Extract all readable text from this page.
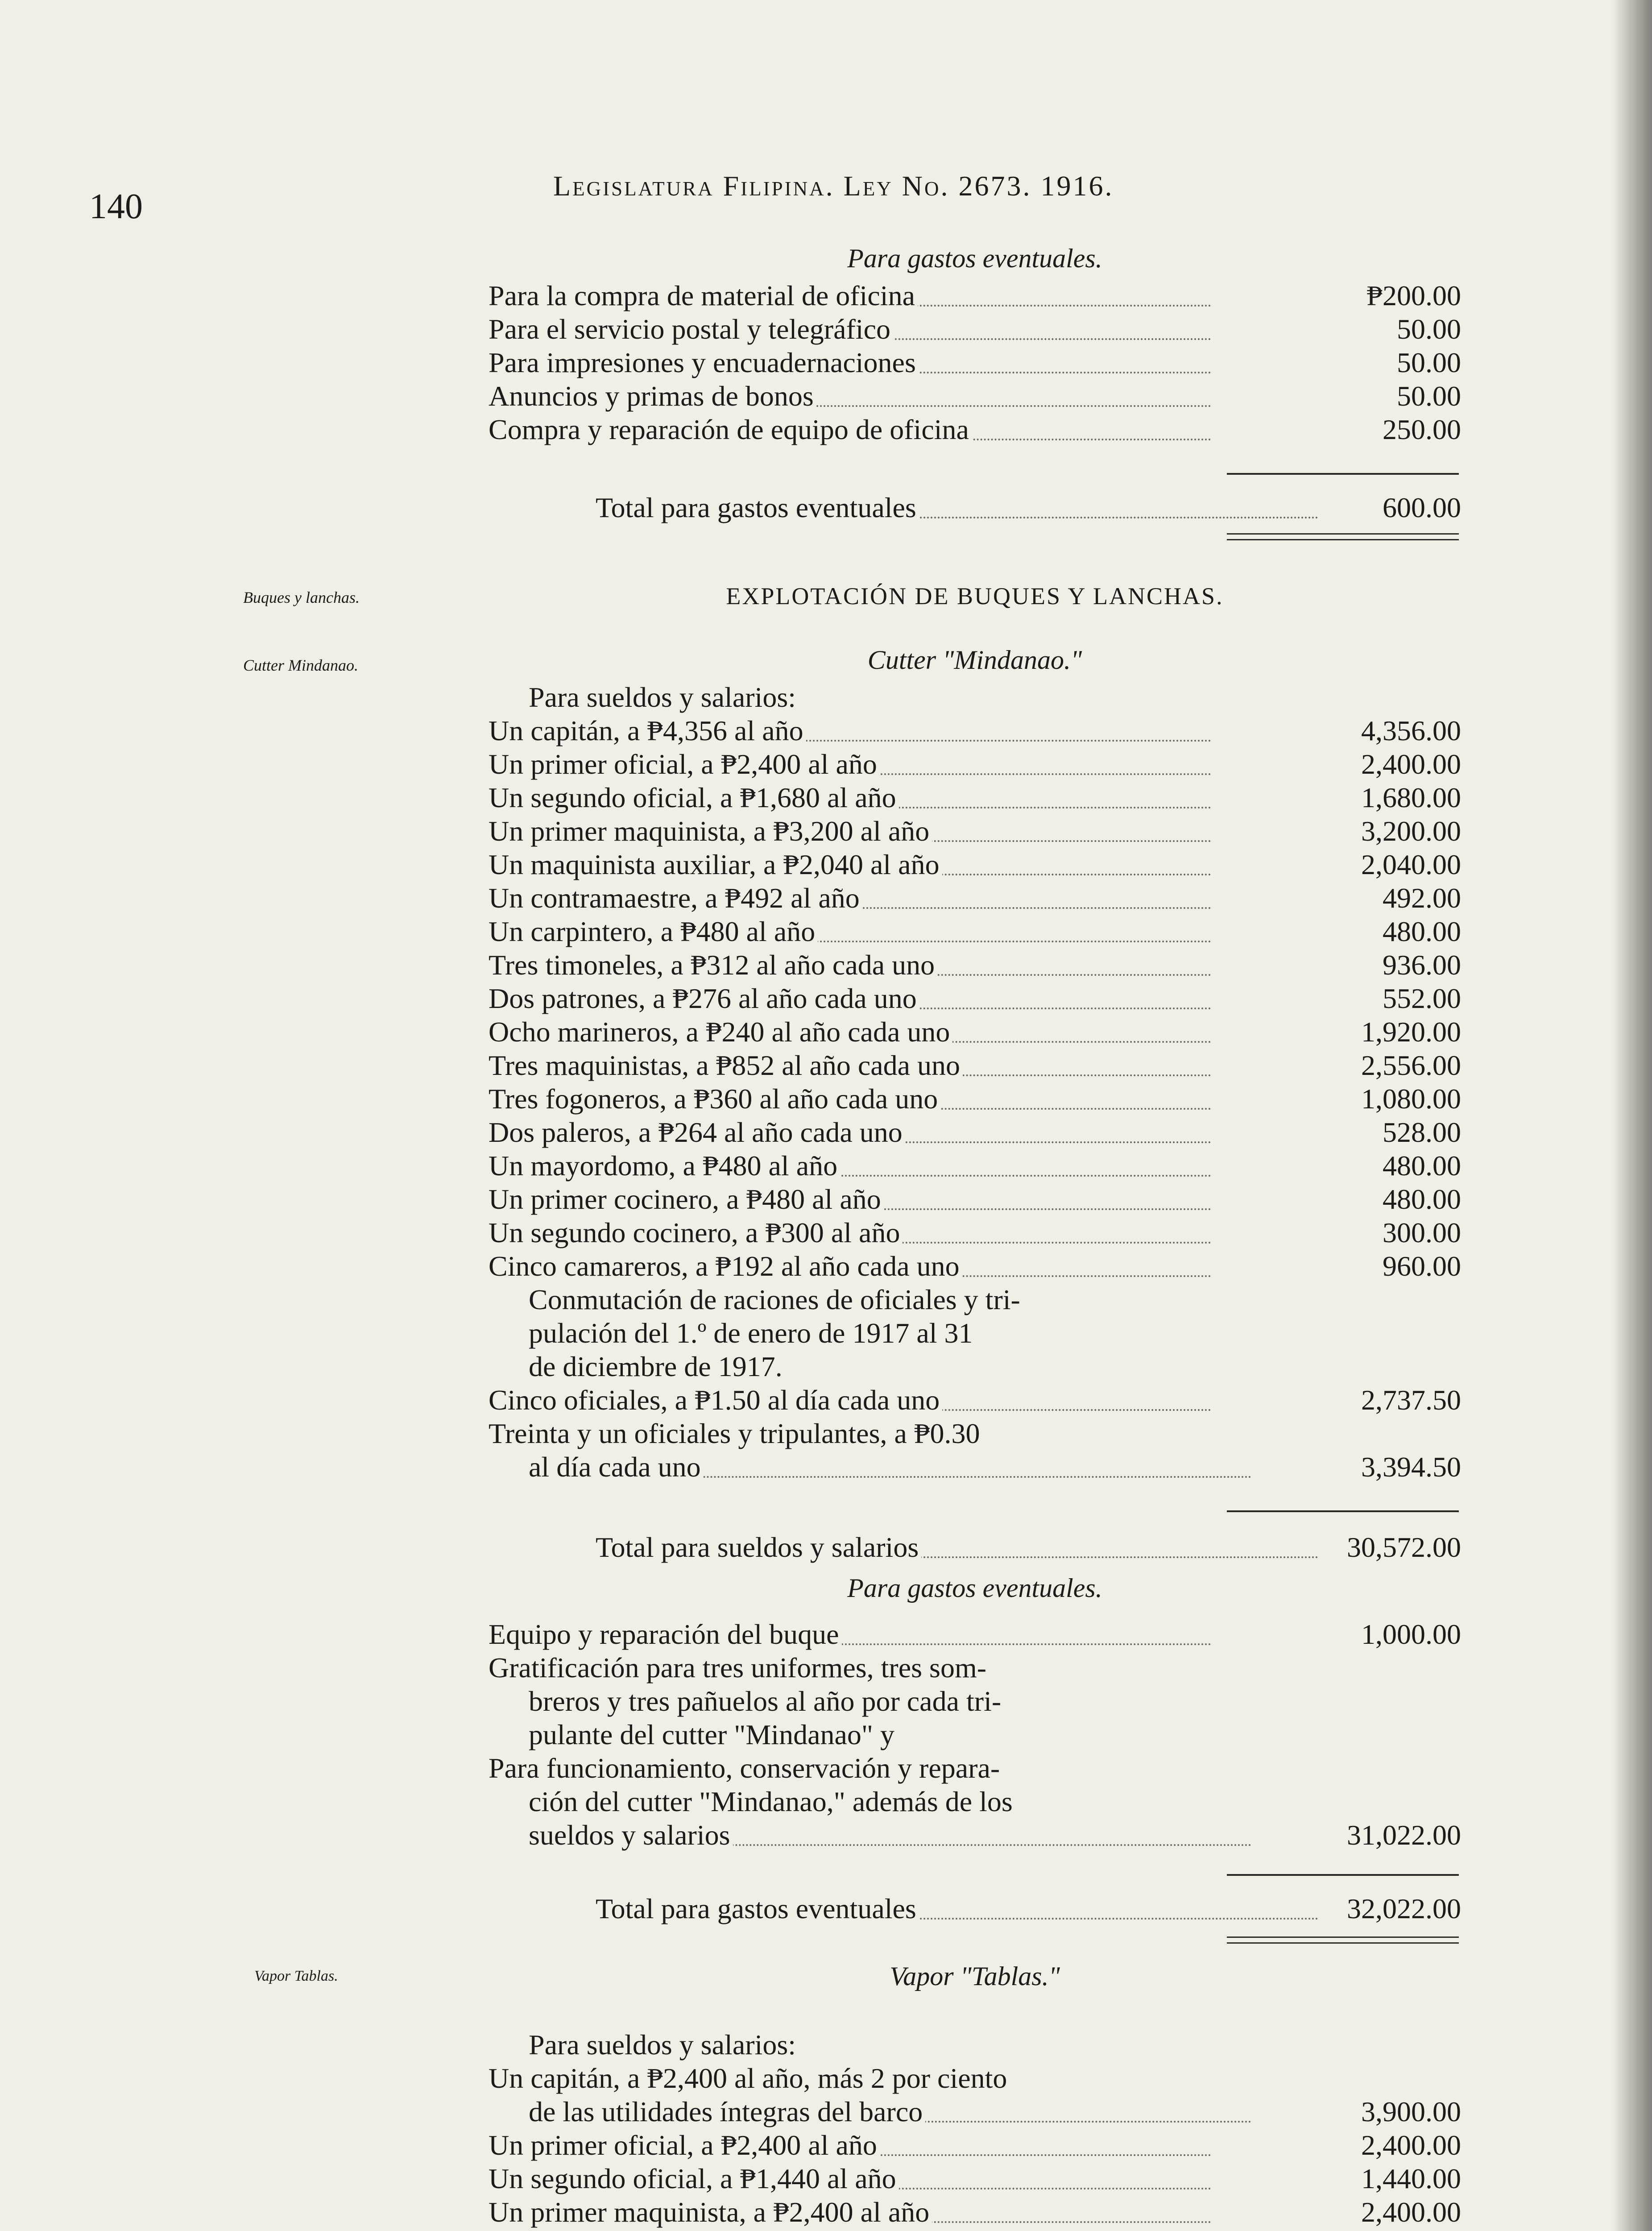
140
Legislatura Filipina. Ley No. 2673. 1916.
Para gastos eventuales.
Para la compra de material de oficina	₱200.00
Para el servicio postal y telegráfico	50.00
Para impresiones y encuadernaciones	50.00
Anuncios y primas de bonos	50.00
Compra y reparación de equipo de oficina	250.00
Total para gastos eventuales	600.00
Buques y lanchas.	EXPLOTACIÓN DE BUQUES Y LANCHAS.
Cutter Mindanao.	Cutter "Mindanao."
Para sueldos y salarios:
Un capitán, a ₱4,356 al año	4,356.00
Un primer oficial, a ₱2,400 al año	2,400.00
Un segundo oficial, a ₱1,680 al año	1,680.00
Un primer maquinista, a ₱3,200 al año	3,200.00
Un maquinista auxiliar, a ₱2,040 al año	2,040.00
Un contramaestre, a ₱492 al año	492.00
Un carpintero, a ₱480 al año	480.00
Tres timoneles, a ₱312 al año cada uno	936.00
Dos patrones, a ₱276 al año cada uno	552.00
Ocho marineros, a ₱240 al año cada uno	1,920.00
Tres maquinistas, a ₱852 al año cada uno	2,556.00
Tres fogoneros, a ₱360 al año cada uno	1,080.00
Dos paleros, a ₱264 al año cada uno	528.00
Un mayordomo, a ₱480 al año	480.00
Un primer cocinero, a ₱480 al año	480.00
Un segundo cocinero, a ₱300 al año	300.00
Cinco camareros, a ₱192 al año cada uno	960.00
Conmutación de raciones de oficiales y tri-
pulación del 1.º de enero de 1917 al 31
de diciembre de 1917.
Cinco oficiales, a ₱1.50 al día cada uno	2,737.50
Treinta y un oficiales y tripulantes, a ₱0.30
al día cada uno	3,394.50
Total para sueldos y salarios	30,572.00
Para gastos eventuales.
Equipo y reparación del buque	1,000.00
Gratificación para tres uniformes, tres som-
breros y tres pañuelos al año por cada tri-
pulante del cutter "Mindanao" y
Para funcionamiento, conservación y repara-
ción del cutter "Mindanao," además de los
sueldos y salarios	31,022.00
Total para gastos eventuales	32,022.00
Vapor Tablas.	Vapor "Tablas."
Para sueldos y salarios:
Un capitán, a ₱2,400 al año, más 2 por ciento
de las utilidades íntegras del barco	3,900.00
Un primer oficial, a ₱2,400 al año	2,400.00
Un segundo oficial, a ₱1,440 al año	1,440.00
Un primer maquinista, a ₱2,400 al año	2,400.00
